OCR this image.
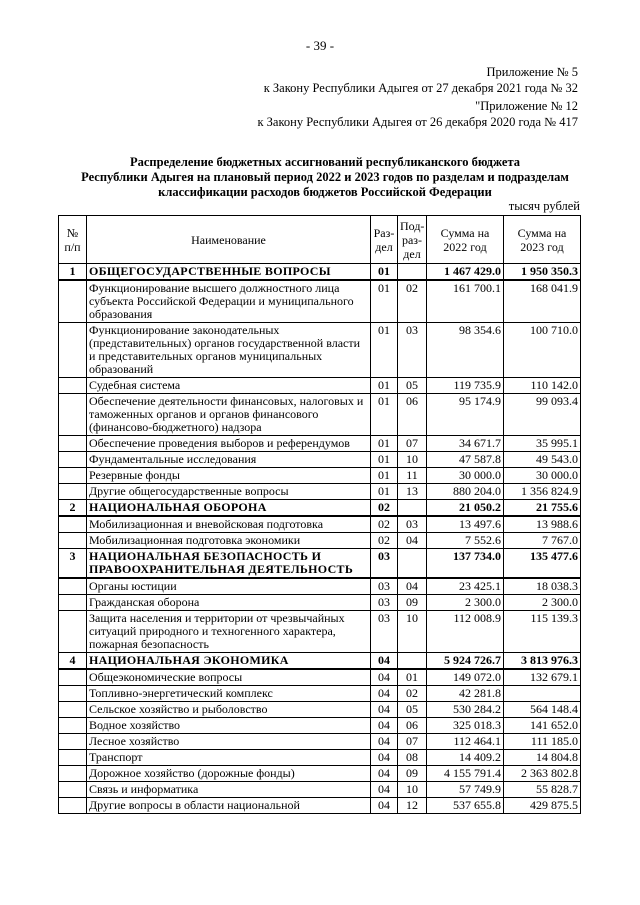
- 39 -
Приложение № 5
к Закону Республики Адыгея от 27 декабря 2021 года № 32
"Приложение № 12
к Закону Республики Адыгея от 26 декабря 2020 года № 417
Распределение бюджетных ассигнований республиканского бюджета
Республики Адыгея на плановый период 2022 и 2023 годов по разделам и подразделам
классификации расходов бюджетов Российской Федерации
тысяч рублей
№ п/п	Наименование	Раз-дел	Под-раз-дел	Сумма на 2022 год	Сумма на 2023 год
1	ОБЩЕГОСУДАРСТВЕННЫЕ ВОПРОСЫ	01		1 467 429.0	1 950 350.3
	Функционирование высшего должностного лица субъекта Российской Федерации и муниципального образования	01	02	161 700.1	168 041.9
	Функционирование законодательных (представительных) органов государственной власти и представительных органов муниципальных образований	01	03	98 354.6	100 710.0
	Судебная система	01	05	119 735.9	110 142.0
	Обеспечение деятельности финансовых, налоговых и таможенных органов и органов финансового (финансово-бюджетного) надзора	01	06	95 174.9	99 093.4
	Обеспечение проведения выборов и референдумов	01	07	34 671.7	35 995.1
	Фундаментальные исследования	01	10	47 587.8	49 543.0
	Резервные фонды	01	11	30 000.0	30 000.0
	Другие общегосударственные вопросы	01	13	880 204.0	1 356 824.9
2	НАЦИОНАЛЬНАЯ ОБОРОНА	02		21 050.2	21 755.6
	Мобилизационная и вневойсковая подготовка	02	03	13 497.6	13 988.6
	Мобилизационная подготовка экономики	02	04	7 552.6	7 767.0
3	НАЦИОНАЛЬНАЯ БЕЗОПАСНОСТЬ И ПРАВООХРАНИТЕЛЬНАЯ ДЕЯТЕЛЬНОСТЬ	03		137 734.0	135 477.6
	Органы юстиции	03	04	23 425.1	18 038.3
	Гражданская оборона	03	09	2 300.0	2 300.0
	Защита населения и территории от чрезвычайных ситуаций природного и техногенного характера, пожарная безопасность	03	10	112 008.9	115 139.3
4	НАЦИОНАЛЬНАЯ ЭКОНОМИКА	04		5 924 726.7	3 813 976.3
	Общеэкономические вопросы	04	01	149 072.0	132 679.1
	Топливно-энергетический комплекс	04	02	42 281.8	
	Сельское хозяйство и рыболовство	04	05	530 284.2	564 148.4
	Водное хозяйство	04	06	325 018.3	141 652.0
	Лесное хозяйство	04	07	112 464.1	111 185.0
	Транспорт	04	08	14 409.2	14 804.8
	Дорожное хозяйство (дорожные фонды)	04	09	4 155 791.4	2 363 802.8
	Связь и информатика	04	10	57 749.9	55 828.7
	Другие вопросы в области национальной	04	12	537 655.8	429 875.5
